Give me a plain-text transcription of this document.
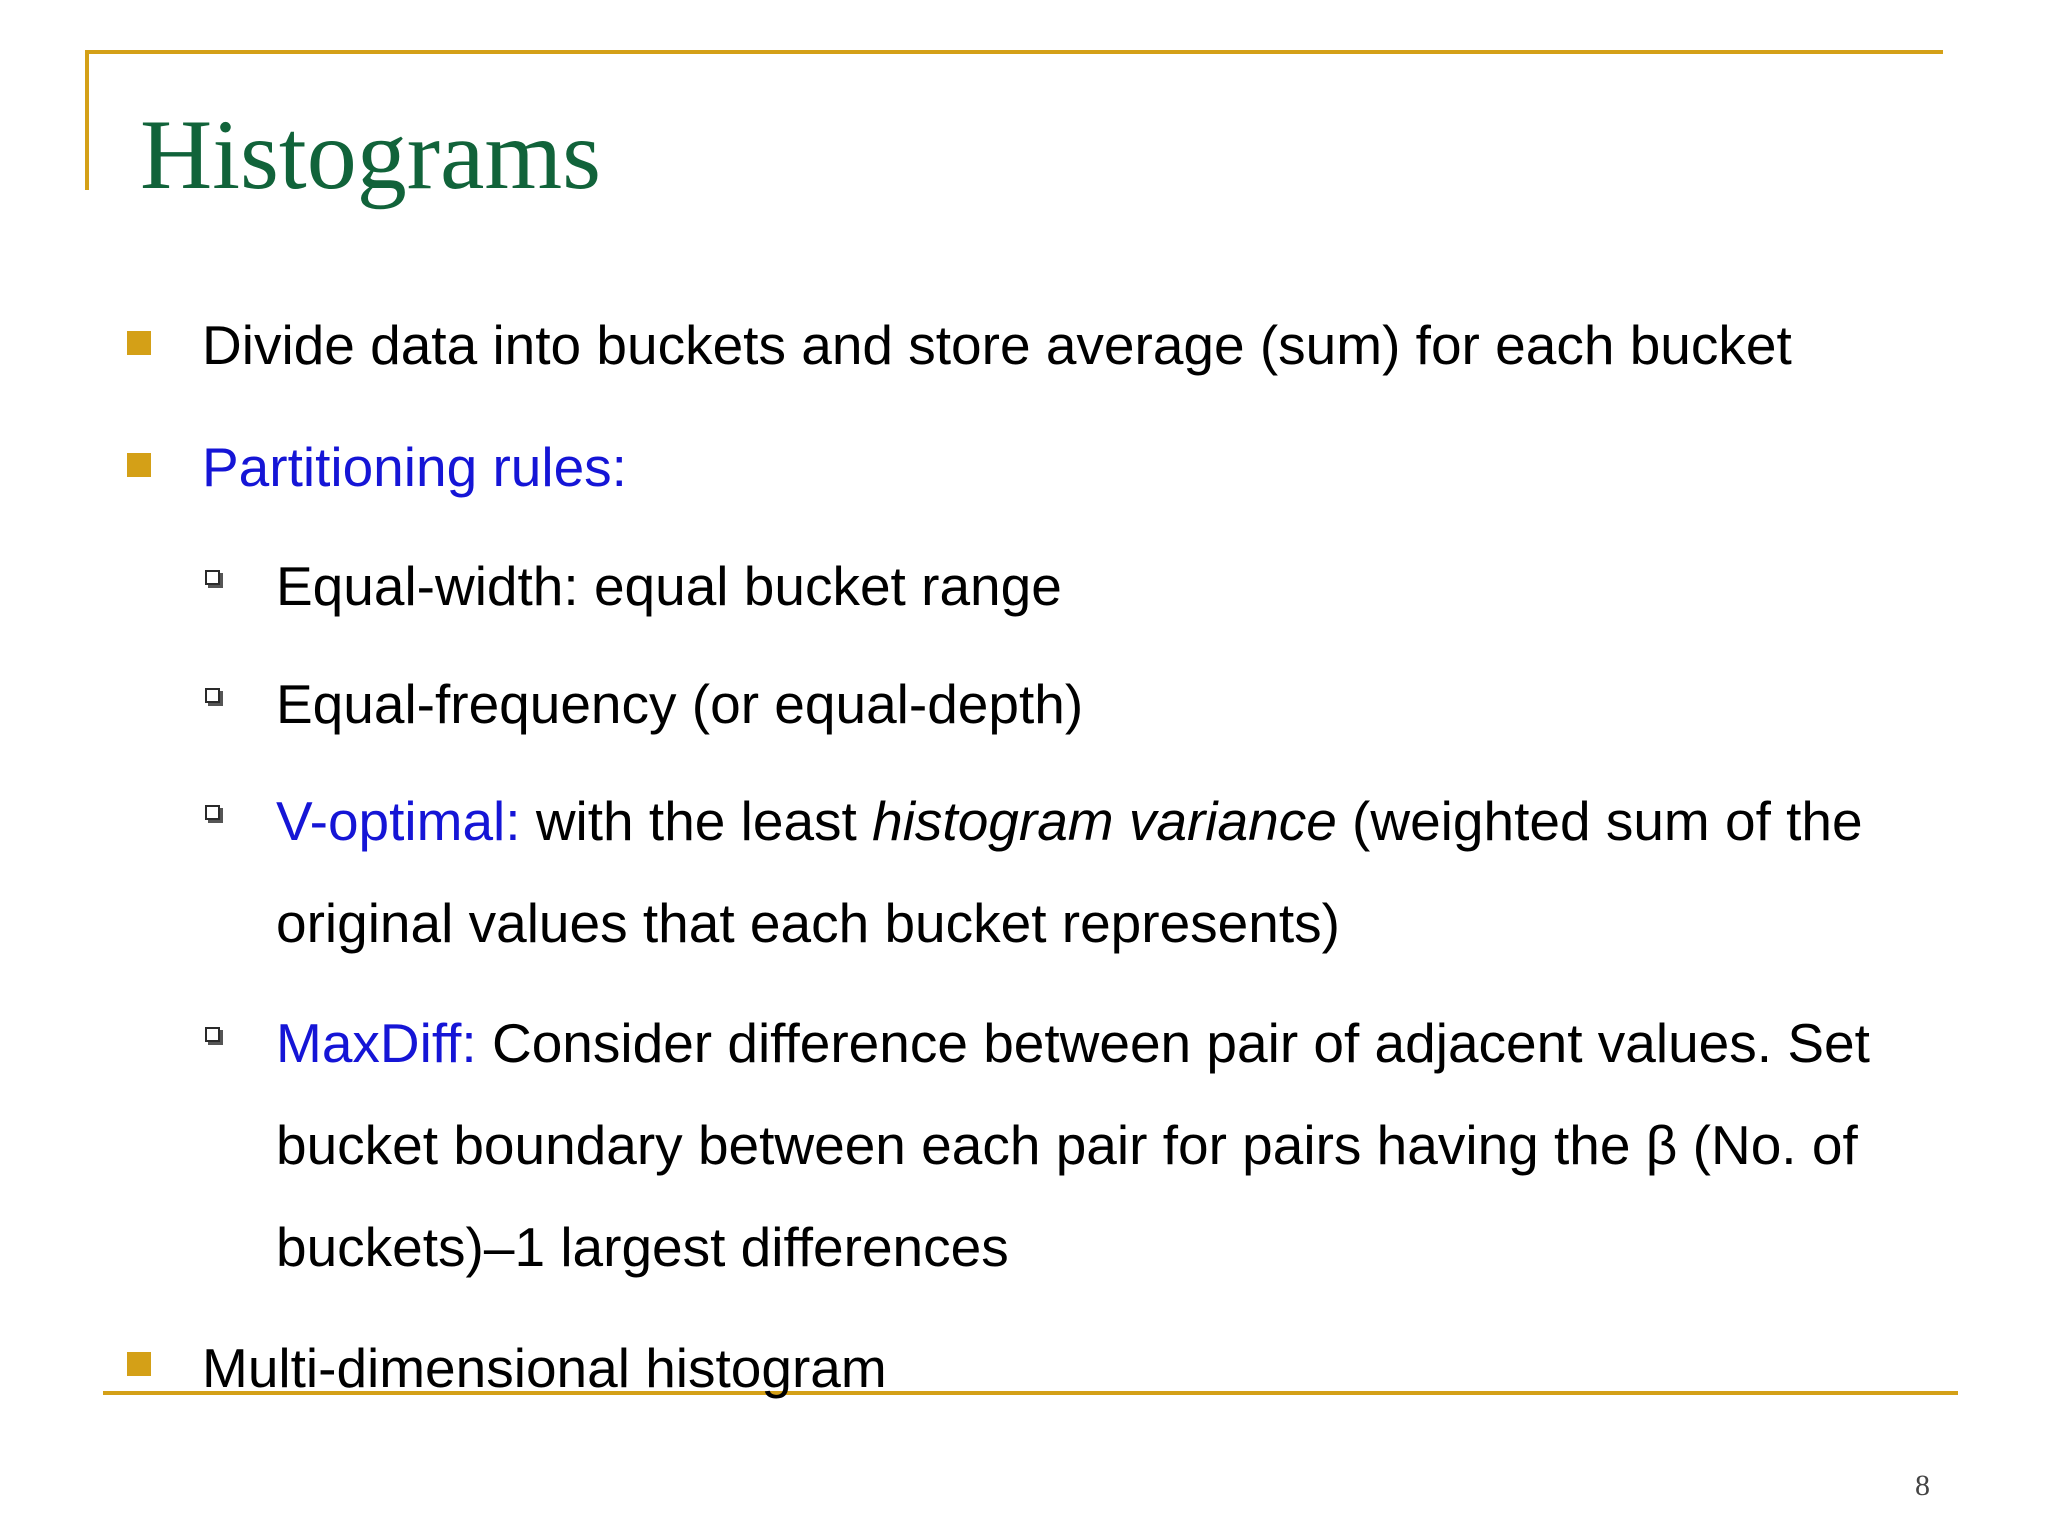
Histograms
Divide data into buckets and store average (sum) for each bucket
Partitioning rules:
Equal-width: equal bucket range
Equal-frequency (or equal-depth)
V-optimal: with the least histogram variance (weighted sum of the
original values that each bucket represents)
MaxDiff: Consider difference between pair of adjacent values. Set
bucket boundary between each pair for pairs having the β (No. of
buckets)–1 largest differences
Multi-dimensional histogram
8
